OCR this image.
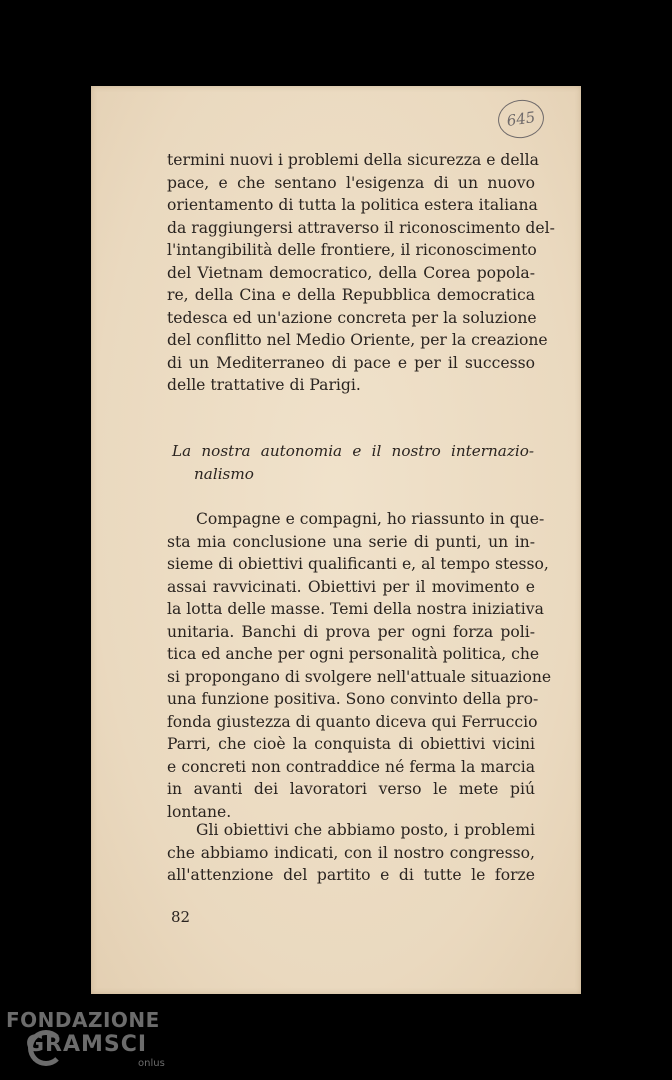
645
termini nuovi i problemi della sicurezza e della
pace, e che sentano l'esigenza di un nuovo
orientamento di tutta la politica estera italiana
da raggiungersi attraverso il riconoscimento del-
l'intangibilità delle frontiere, il riconoscimento
del Vietnam democratico, della Corea popola-
re, della Cina e della Repubblica democratica
tedesca ed un'azione concreta per la soluzione
del conflitto nel Medio Oriente, per la creazione
di un Mediterraneo di pace e per il successo
delle trattative di Parigi.
La nostra autonomia e il nostro internazio-
nalismo
Compagne e compagni, ho riassunto in que-
sta mia conclusione una serie di punti, un in-
sieme di obiettivi qualificanti e, al tempo stesso,
assai ravvicinati. Obiettivi per il movimento e
la lotta delle masse. Temi della nostra iniziativa
unitaria. Banchi di prova per ogni forza poli-
tica ed anche per ogni personalità politica, che
si propongano di svolgere nell'attuale situazione
una funzione positiva. Sono convinto della pro-
fonda giustezza di quanto diceva qui Ferruccio
Parri, che cioè la conquista di obiettivi vicini
e concreti non contraddice né ferma la marcia
in avanti dei lavoratori verso le mete piú
lontane.
Gli obiettivi che abbiamo posto, i problemi
che abbiamo indicati, con il nostro congresso,
all'attenzione del partito e di tutte le forze
82
FONDAZIONE
GRAMSCI
onlus
